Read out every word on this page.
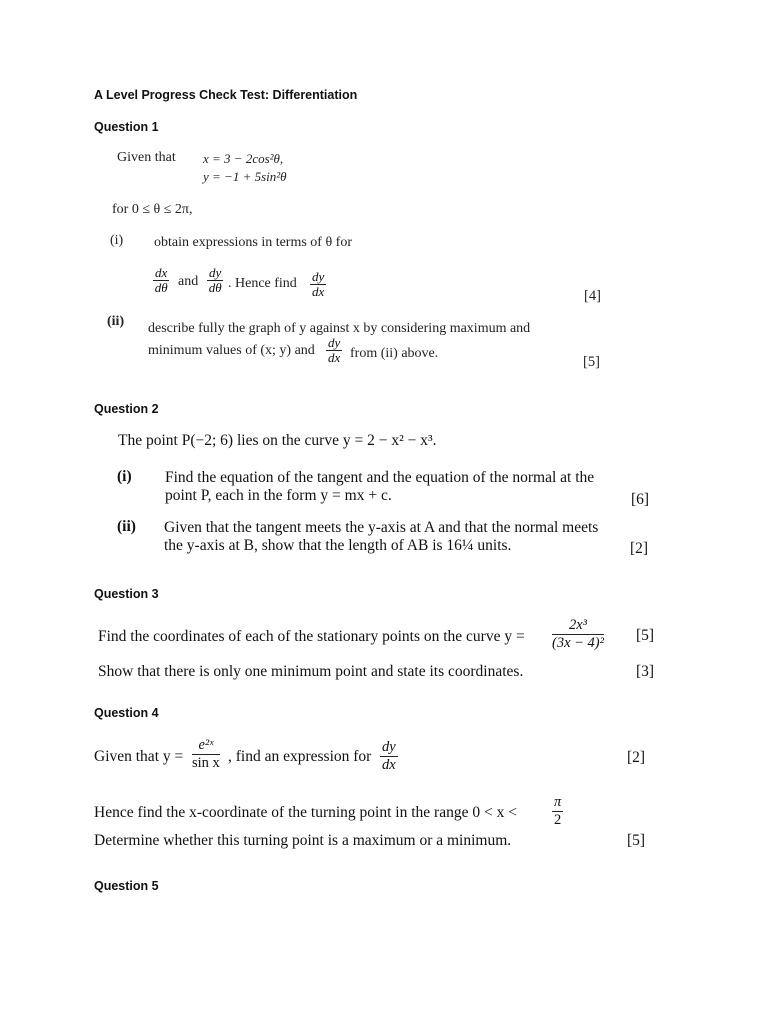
A Level Progress Check Test: Differentiation
Question 1
Given that x = 3 − 2cos²θ,
y = −1 + 5sin²θ
for 0 ≤ θ ≤ 2π,
(i) obtain expressions in terms of θ for
$\frac{dx}{d\theta}$ and $\frac{dy}{d\theta}$ . Hence find $\frac{dy}{dx}$	[4]
(ii) describe fully the graph of y against x by considering maximum and
minimum values of (x; y) and $\frac{dy}{dx}$ from (ii) above.
[5]
Question 2
The point P(−2; 6) lies on the curve y = 2 − x² − x³.
(i) Find the equation of the tangent and the equation of the normal at the
point P, each in the form y = mx + c.	[6]
(ii) Given that the tangent meets the y-axis at A and that the normal meets
the y-axis at B, show that the length of AB is 16¼ units.	[2]
Question 3
Find the coordinates of each of the stationary points on the curve $y = \frac{\text{2x³}}{\text{(3x − 4)²}} [5]$
Show that there is only one minimum point and state its coordinates.	[3]
Question 4
Given that $y = \frac{\text{e²ˣ}}{\text{sin x}}$ , find an expression for $\frac{dy}{dx}$	[2]
Hence find the x-coordinate of the turning point in the range $0 < x < \frac{\pi}{2}$
Determine whether this turning point is a maximum or a minimum.	[5]
Question 5
